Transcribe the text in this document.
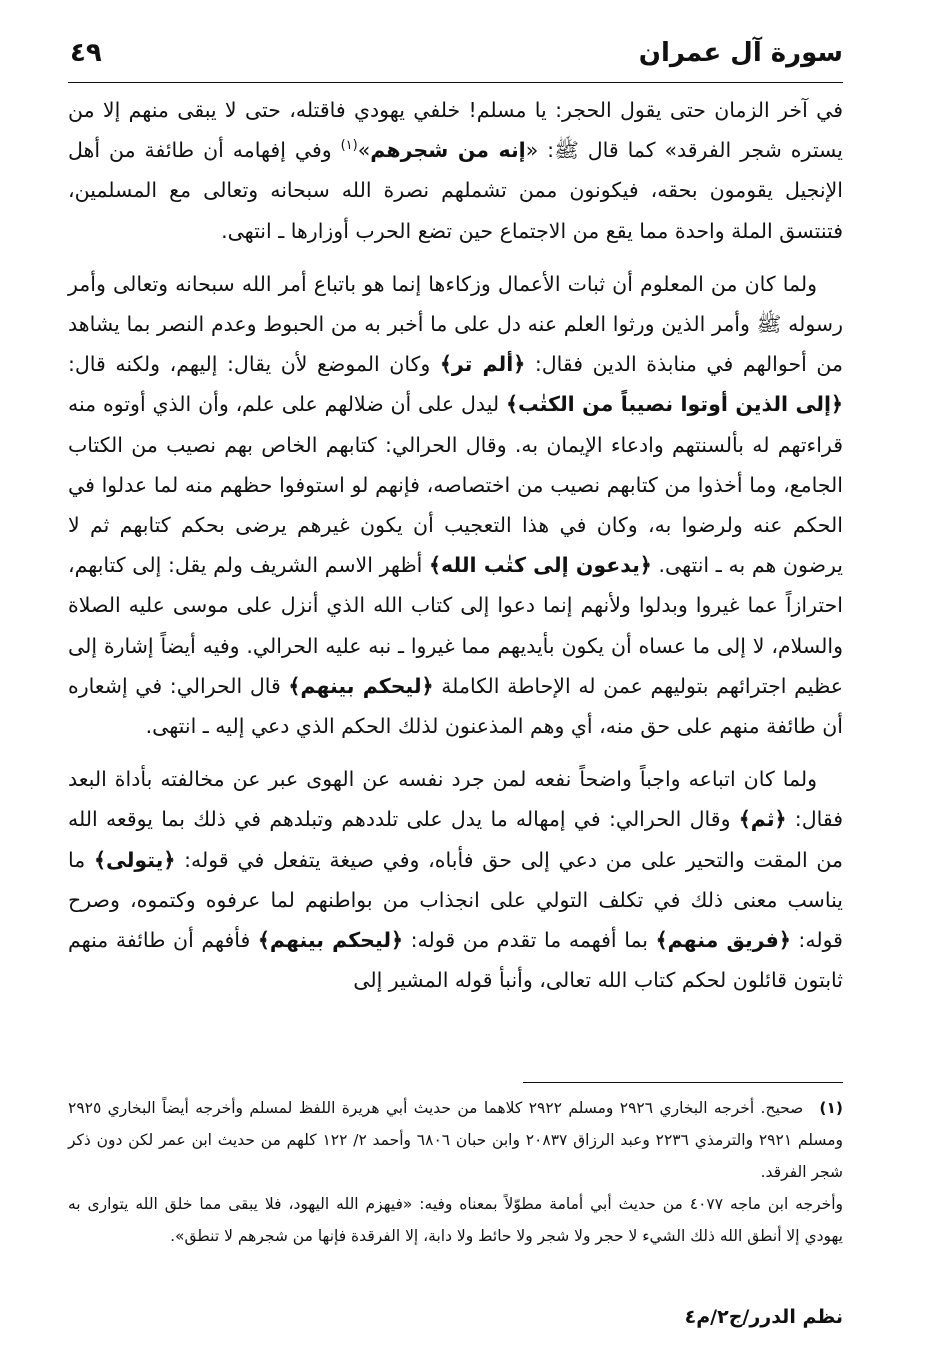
٤٩	سورة آل عمران

في آخر الزمان حتى يقول الحجر: يا مسلم! خلفي يهودي فاقتله، حتى لا يبقى منهم إلا من يستره شجر الفرقد» كما قال ﷺ: «إنه من شجرهم»$^{(١)}$ وفي إفهامه أن طائفة من أهل الإنجيل يقومون بحقه، فيكونون ممن تشملهم نصرة الله سبحانه وتعالى مع المسلمين، فتنتسق الملة واحدة مما يقع من الاجتماع حين تضع الحرب أوزارها ـ انتهى.

ولما كان من المعلوم أن ثبات الأعمال وزكاءها إنما هو باتباع أمر الله سبحانه وتعالى وأمر رسوله ﷺ وأمر الذين ورثوا العلم عنه دل على ما أخبر به من الحبوط وعدم النصر بما يشاهد من أحوالهم في منابذة الدين فقال: ﴿ألم تر﴾ وكان الموضع لأن يقال: إليهم، ولكنه قال: ﴿إلى الذين أوتوا نصيباً من الكتٰب﴾ ليدل على أن ضلالهم على علم، وأن الذي أوتوه منه قراءتهم له بألسنتهم وادعاء الإيمان به. وقال الحرالي: كتابهم الخاص بهم نصيب من الكتاب الجامع، وما أخذوا من كتابهم نصيب من اختصاصه، فإنهم لو استوفوا حظهم منه لما عدلوا في الحكم عنه ولرضوا به، وكان في هذا التعجيب أن يكون غيرهم يرضى بحكم كتابهم ثم لا يرضون هم به ـ انتهى. ﴿يدعون إلى كتٰب الله﴾ أظهر الاسم الشريف ولم يقل: إلى كتابهم، احترازاً عما غيروا وبدلوا ولأنهم إنما دعوا إلى كتاب الله الذي أنزل على موسى عليه الصلاة والسلام، لا إلى ما عساه أن يكون بأيديهم مما غيروا ـ نبه عليه الحرالي. وفيه أيضاً إشارة إلى عظيم اجترائهم بتوليهم عمن له الإحاطة الكاملة ﴿ليحكم بينهم﴾ قال الحرالي: في إشعاره أن طائفة منهم على حق منه، أي وهم المذعنون لذلك الحكم الذي دعي إليه ـ انتهى.

ولما كان اتباعه واجباً واضحاً نفعه لمن جرد نفسه عن الهوى عبر عن مخالفته بأداة البعد فقال: ﴿ثم﴾ وقال الحرالي: في إمهاله ما يدل على تلددهم وتبلدهم في ذلك بما يوقعه الله من المقت والتحير على من دعي إلى حق فأباه، وفي صيغة يتفعل في قوله: ﴿يتولى﴾ ما يناسب معنى ذلك في تكلف التولي على انجذاب من بواطنهم لما عرفوه وكتموه، وصرح قوله: ﴿فريق منهم﴾ بما أفهمه ما تقدم من قوله: ﴿ليحكم بينهم﴾ فأفهم أن طائفة منهم ثابتون قائلون لحكم كتاب الله تعالى، وأنبأ قوله المشير إلى

(١)صحيح. أخرجه البخاري ٢٩٢٦ ومسلم ٢٩٢٢ كلاهما من حديث أبي هريرة اللفظ لمسلم وأخرجه أيضاً البخاري ٢٩٢٥ ومسلم ٢٩٢١ والترمذي ٢٢٣٦ وعبد الرزاق ٢٠٨٣٧ وابن حبان ٦٨٠٦ وأحمد ٢/ ١٢٢ كلهم من حديث ابن عمر لكن دون ذكر شجر الفرقد.

وأخرجه ابن ماجه ٤٠٧٧ من حديث أبي أمامة مطوّلاً بمعناه وفيه: «فيهزم الله اليهود، فلا يبقى مما خلق الله يتوارى به يهودي إلا أنطق الله ذلك الشيء لا حجر ولا شجر ولا حائط ولا دابة، إلا الفرقدة فإنها من شجرهم لا تنطق».

نظم الدرر/ج٢/م٤
